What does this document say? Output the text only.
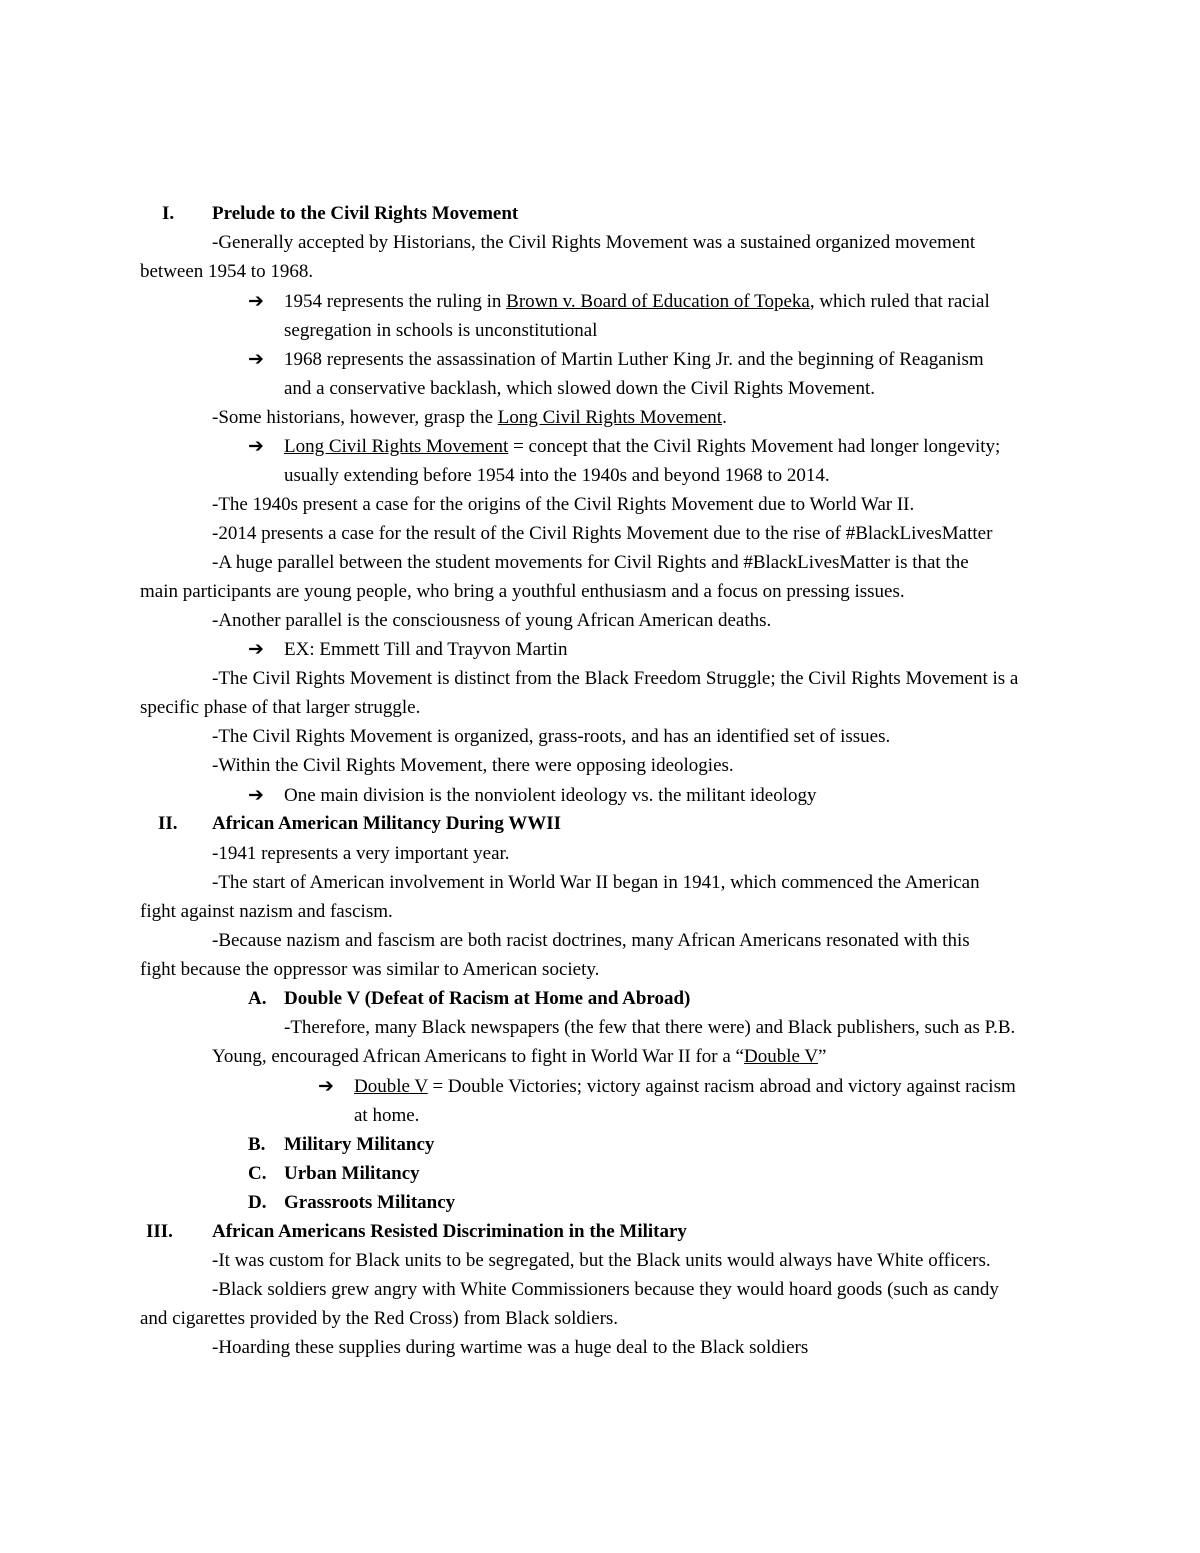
I. Prelude to the Civil Rights Movement
-Generally accepted by Historians, the Civil Rights Movement was a sustained organized movement
between 1954 to 1968.
➔ 1954 represents the ruling in Brown v. Board of Education of Topeka, which ruled that racial
segregation in schools is unconstitutional
➔ 1968 represents the assassination of Martin Luther King Jr. and the beginning of Reaganism
and a conservative backlash, which slowed down the Civil Rights Movement.
-Some historians, however, grasp the Long Civil Rights Movement.
➔ Long Civil Rights Movement = concept that the Civil Rights Movement had longer longevity;
usually extending before 1954 into the 1940s and beyond 1968 to 2014.
-The 1940s present a case for the origins of the Civil Rights Movement due to World War II.
-2014 presents a case for the result of the Civil Rights Movement due to the rise of #BlackLivesMatter
-A huge parallel between the student movements for Civil Rights and #BlackLivesMatter is that the
main participants are young people, who bring a youthful enthusiasm and a focus on pressing issues.
-Another parallel is the consciousness of young African American deaths.
➔ EX: Emmett Till and Trayvon Martin
-The Civil Rights Movement is distinct from the Black Freedom Struggle; the Civil Rights Movement is a
specific phase of that larger struggle.
-The Civil Rights Movement is organized, grass-roots, and has an identified set of issues.
-Within the Civil Rights Movement, there were opposing ideologies.
➔ One main division is the nonviolent ideology vs. the militant ideology
II. African American Militancy During WWII
-1941 represents a very important year.
-The start of American involvement in World War II began in 1941, which commenced the American
fight against nazism and fascism.
-Because nazism and fascism are both racist doctrines, many African Americans resonated with this
fight because the oppressor was similar to American society.
A. Double V (Defeat of Racism at Home and Abroad)
-Therefore, many Black newspapers (the few that there were) and Black publishers, such as P.B.
Young, encouraged African Americans to fight in World War II for a “Double V”
➔ Double V = Double Victories; victory against racism abroad and victory against racism
at home.
B. Military Militancy
C. Urban Militancy
D. Grassroots Militancy
III. African Americans Resisted Discrimination in the Military
-It was custom for Black units to be segregated, but the Black units would always have White officers.
-Black soldiers grew angry with White Commissioners because they would hoard goods (such as candy
and cigarettes provided by the Red Cross) from Black soldiers.
-Hoarding these supplies during wartime was a huge deal to the Black soldiers
